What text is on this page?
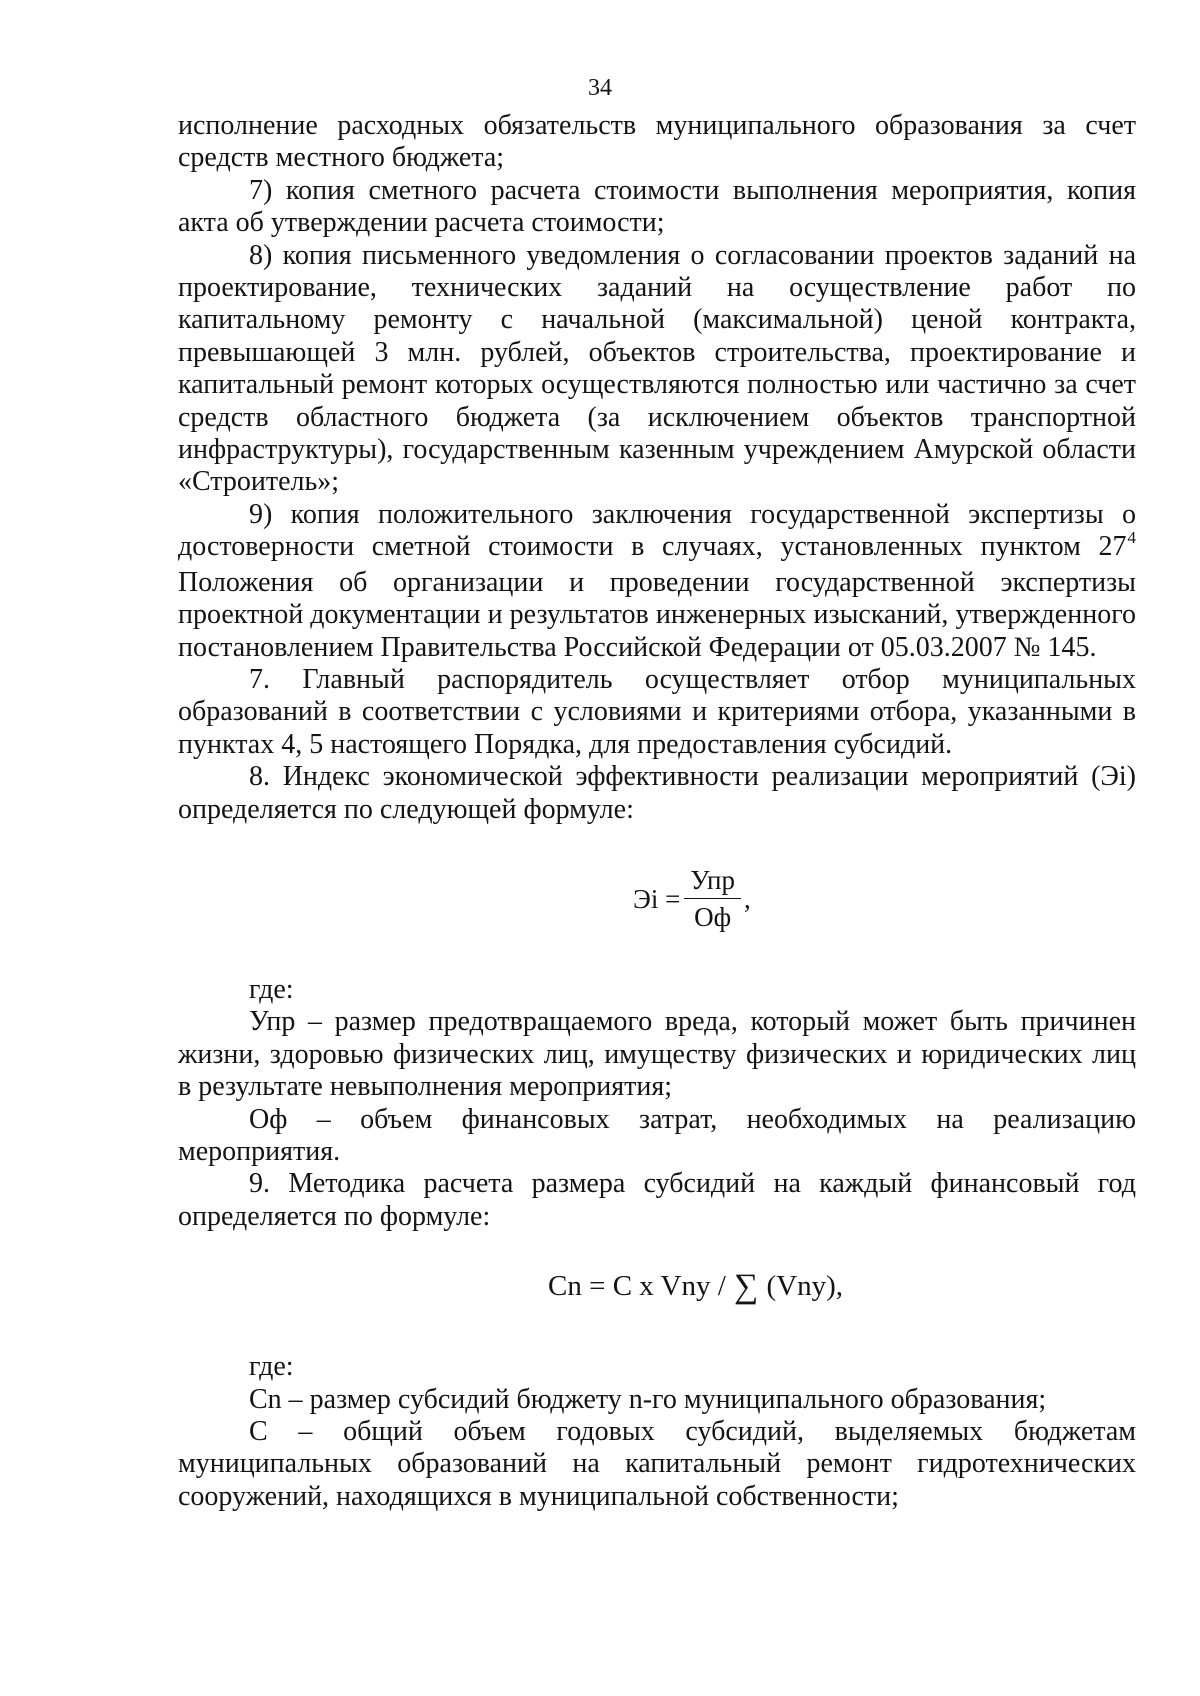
34

исполнение расходных обязательств муниципального образования за счет средств местного бюджета;

7) копия сметного расчета стоимости выполнения мероприятия, копия акта об утверждении расчета стоимости;

8) копия письменного уведомления о согласовании проектов заданий на проектирование, технических заданий на осуществление работ по капитальному ремонту с начальной (максимальной) ценой контракта, превышающей 3 млн. рублей, объектов строительства, проектирование и капитальный ремонт которых осуществляются полностью или частично за счет средств областного бюджета (за исключением объектов транспортной инфраструктуры), государственным казенным учреждением Амурской области «Строитель»;

9) копия положительного заключения государственной экспертизы о достоверности сметной стоимости в случаях, установленных пунктом $27^4$ Положения об организации и проведении государственной экспертизы проектной документации и результатов инженерных изысканий, утвержденного постановлением Правительства Российской Федерации от 05.03.2007 № 145.

7. Главный распорядитель осуществляет отбор муниципальных образований в соответствии с условиями и критериями отбора, указанными в пунктах 4, 5 настоящего Порядка, для предоставления субсидий.

8. Индекс экономической эффективности реализации мероприятий (Эi) определяется по следующей формуле:

Эi = $\frac{\text{Упр}}{Оф}$ ,

где:

Упр – размер предотвращаемого вреда, который может быть причинен жизни, здоровью физических лиц, имуществу физических и юридических лиц в результате невыполнения мероприятия;

Оф – объем финансовых затрат, необходимых на реализацию мероприятия.

9. Методика расчета размера субсидий на каждый финансовый год определяется по формуле:

Cn = C x Vny / ∑ (Vny),

где:

Cn – размер субсидий бюджету n-го муниципального образования;

C – общий объем годовых субсидий, выделяемых бюджетам муниципальных образований на капитальный ремонт гидротехнических сооружений, находящихся в муниципальной собственности;
